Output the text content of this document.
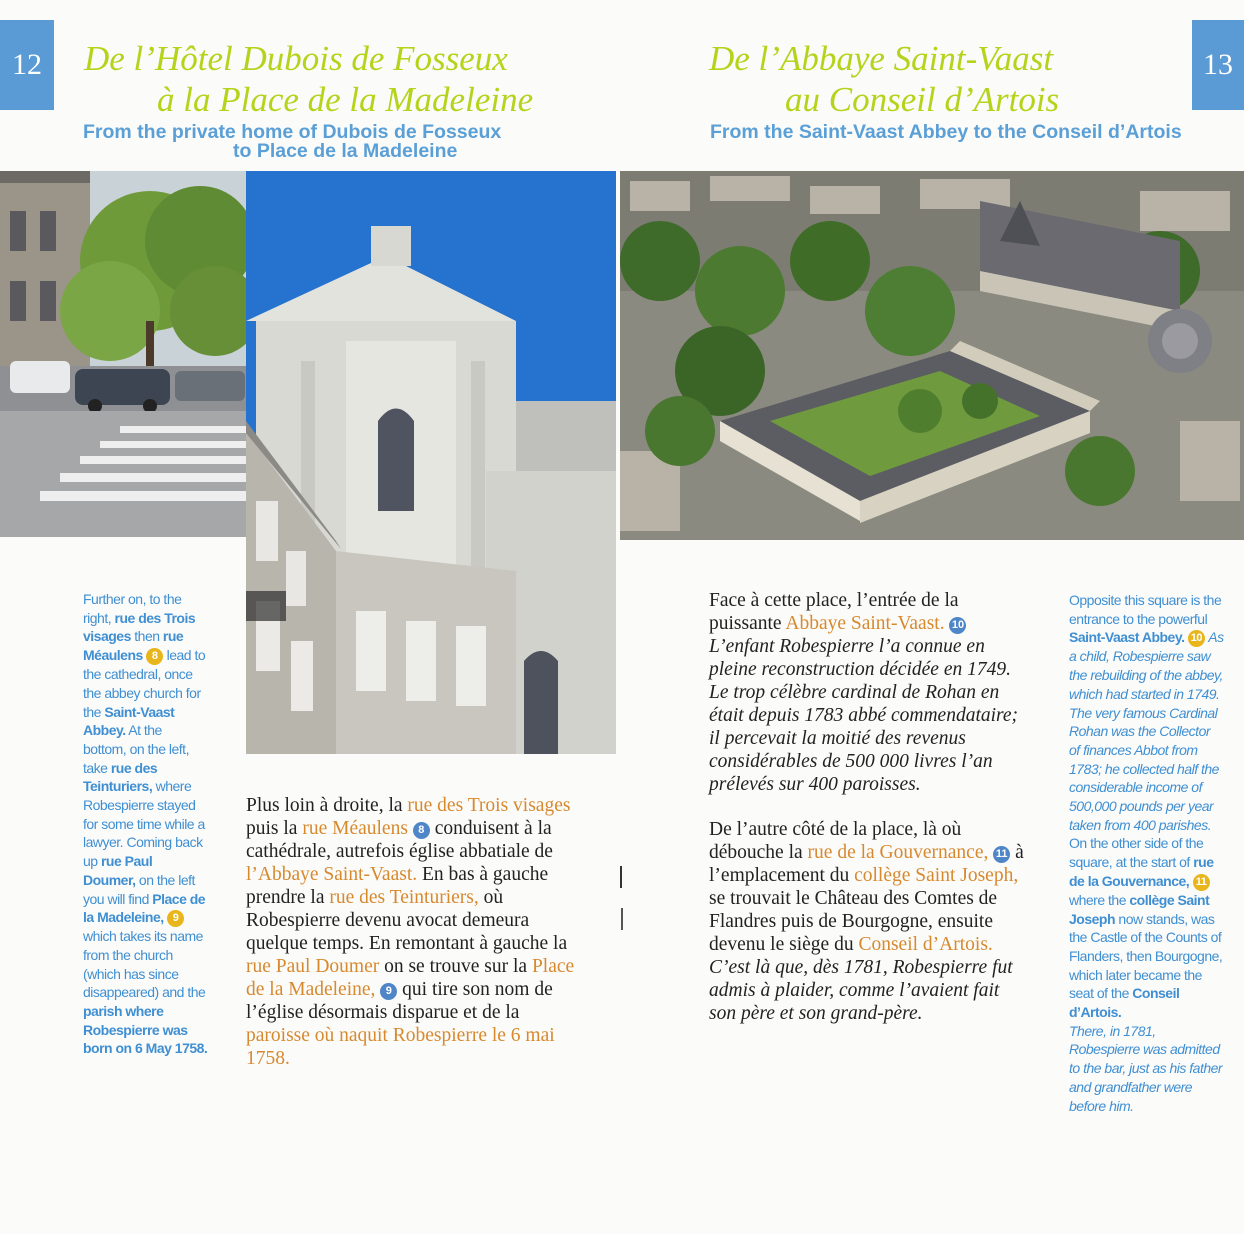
12	13
De l’Hôtel Dubois de Fosseux
à la Place de la Madeleine
From the private home of Dubois de Fosseux
to Place de la Madeleine
De l’Abbaye Saint-Vaast
au Conseil d’Artois
From the Saint-Vaast Abbey to the Conseil d’Artois
Further on, to the right, rue des Trois visages then rue Méaulens 8 lead to the cathedral, once the abbey church for the Saint-Vaast Abbey. At the bottom, on the left, take rue des Teinturiers, where Robespierre stayed for some time while a lawyer. Coming back up rue Paul Doumer, on the left you will find Place de la Madeleine, 9 which takes its name from the church (which has since disappeared) and the parish where Robespierre was born on 6 May 1758.
Plus loin à droite, la rue des Trois visages puis la rue Méaulens 8 conduisent à la cathédrale, autrefois église abbatiale de l’Abbaye Saint-Vaast. En bas à gauche prendre la rue des Teinturiers, où Robespierre devenu avocat demeura quelque temps. En remontant à gauche la rue Paul Doumer on se trouve sur la Place de la Madeleine, 9 qui tire son nom de l’église désormais disparue et de la paroisse où naquit Robespierre le 6 mai 1758.
Face à cette place, l’entrée de la puissante Abbaye Saint-Vaast. 10 L’enfant Robespierre l’a connue en pleine reconstruction décidée en 1749. Le trop célèbre cardinal de Rohan en était depuis 1783 abbé commendataire; il percevait la moitié des revenus considérables de 500 000 livres l’an prélevés sur 400 paroisses.
De l’autre côté de la place, là où débouche la rue de la Gouvernance, 11 à l’emplacement du collège Saint Joseph, se trouvait le Château des Comtes de Flandres puis de Bourgogne, ensuite devenu le siège du Conseil d’Artois.
C’est là que, dès 1781, Robespierre fut admis à plaider, comme l’avaient fait son père et son grand-père.
Opposite this square is the entrance to the powerful Saint-Vaast Abbey. 10 As a child, Robespierre saw the rebuilding of the abbey, which had started in 1749. The very famous Cardinal Rohan was the Collector of finances Abbot from 1783; he collected half the considerable income of 500,000 pounds per year taken from 400 parishes.
On the other side of the square, at the start of rue de la Gouvernance, 11 where the collège Saint Joseph now stands, was the Castle of the Counts of Flanders, then Bourgogne, which later became the seat of the Conseil d’Artois.
There, in 1781, Robespierre was admitted to the bar, just as his father and grandfather were before him.
